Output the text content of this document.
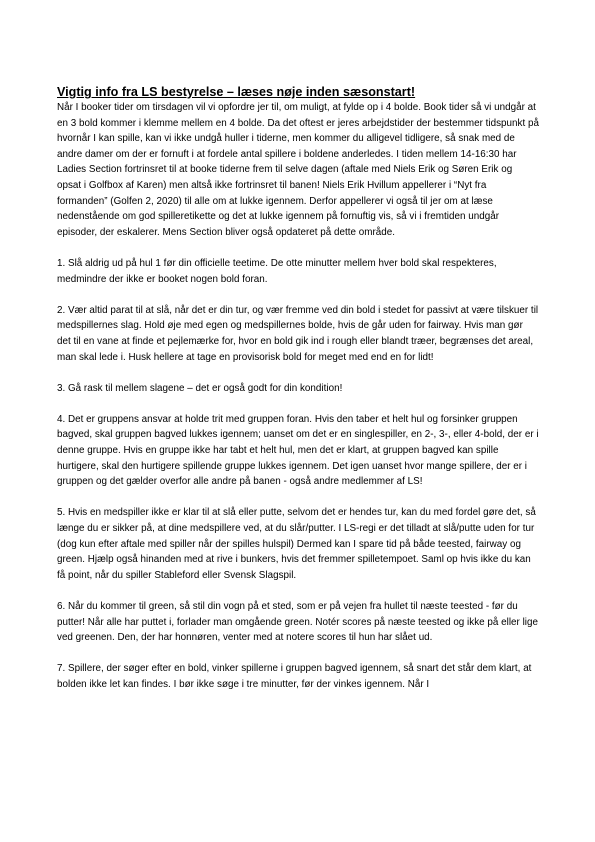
Vigtig info fra LS bestyrelse – læses nøje inden sæsonstart!

Når I booker tider om tirsdagen vil vi opfordre jer til, om muligt, at fylde op i 4 bolde. Book tider så vi undgår at en 3 bold kommer i klemme mellem en 4 bolde. Da det oftest er jeres arbejdstider der bestemmer tidspunkt på hvornår I kan spille, kan vi ikke undgå huller i tiderne, men kommer du alligevel tidligere, så snak med de andre damer om der er fornuft i at fordele antal spillere i boldene anderledes. I tiden mellem 14-16:30 har Ladies Section fortrinsret til at booke tiderne frem til selve dagen (aftale med Niels Erik og Søren Erik og opsat i Golfbox af Karen) men altså ikke fortrinsret til banen! Niels Erik Hvillum appellerer i “Nyt fra formanden” (Golfen 2, 2020) til alle om at lukke igennem. Derfor appellerer vi også til jer om at læse nedenstående om god spilleretikette og det at lukke igennem på fornuftig vis, så vi i fremtiden undgår episoder, der eskalerer. Mens Section bliver også opdateret på dette område.

1. Slå aldrig ud på hul 1 før din officielle teetime. De otte minutter mellem hver bold skal respekteres, medmindre der ikke er booket nogen bold foran.

2. Vær altid parat til at slå, når det er din tur, og vær fremme ved din bold i stedet for passivt at være tilskuer til medspillernes slag. Hold øje med egen og medspillernes bolde, hvis de går uden for fairway. Hvis man gør det til en vane at finde et pejlemærke for, hvor en bold gik ind i rough eller blandt træer, begrænses det areal, man skal lede i. Husk hellere at tage en provisorisk bold for meget med end en for lidt!

3. Gå rask til mellem slagene – det er også godt for din kondition!

4. Det er gruppens ansvar at holde trit med gruppen foran. Hvis den taber et helt hul og forsinker gruppen bagved, skal gruppen bagved lukkes igennem; uanset om det er en singlespiller, en 2-, 3-, eller 4-bold, der er i denne gruppe. Hvis en gruppe ikke har tabt et helt hul, men det er klart, at gruppen bagved kan spille hurtigere, skal den hurtigere spillende gruppe lukkes igennem. Det igen uanset hvor mange spillere, der er i gruppen og det gælder overfor alle andre på banen - også andre medlemmer af LS!

5. Hvis en medspiller ikke er klar til at slå eller putte, selvom det er hendes tur, kan du med fordel gøre det, så længe du er sikker på, at dine medspillere ved, at du slår/putter. I LS-regi er det tilladt at slå/putte uden for tur (dog kun efter aftale med spiller når der spilles hulspil) Dermed kan I spare tid på både teested, fairway og green. Hjælp også hinanden med at rive i bunkers, hvis det fremmer spilletempoet. Saml op hvis ikke du kan få point, når du spiller Stableford eller Svensk Slagspil.

6. Når du kommer til green, så stil din vogn på et sted, som er på vejen fra hullet til næste teested - før du putter! Når alle har puttet i, forlader man omgående green. Notér scores på næste teested og ikke på eller lige ved greenen. Den, der har honnøren, venter med at notere scores til hun har slået ud.

7. Spillere, der søger efter en bold, vinker spillerne i gruppen bagved igennem, så snart det står dem klart, at bolden ikke let kan findes. I bør ikke søge i tre minutter, før der vinkes igennem. Når I
